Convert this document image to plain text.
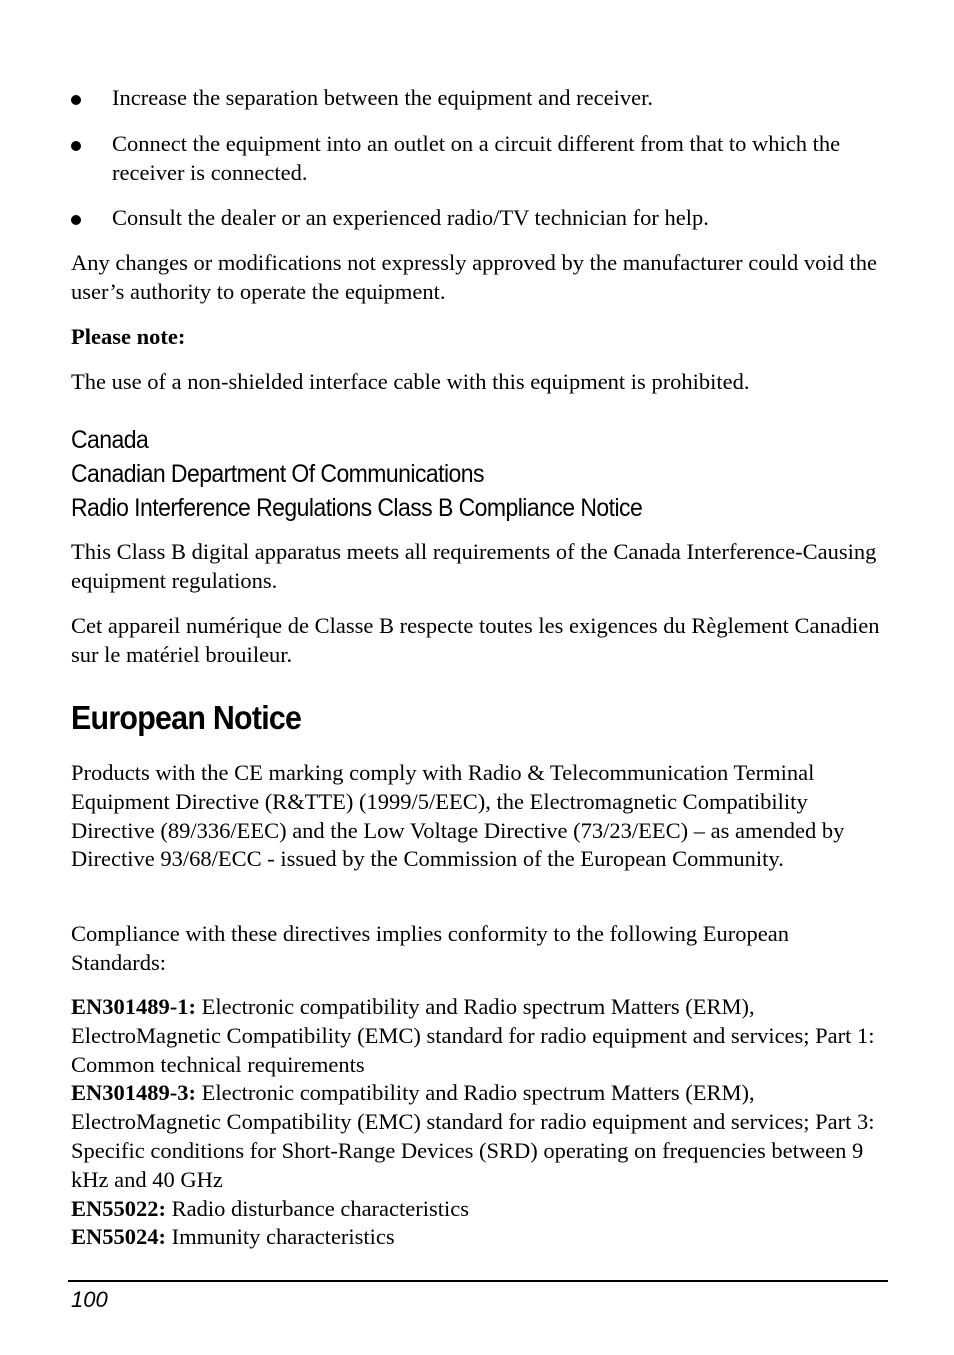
Increase the separation between the equipment and receiver.
Connect the equipment into an outlet on a circuit different from that to which the receiver is connected.
Consult the dealer or an experienced radio/TV technician for help.

Any changes or modifications not expressly approved by the manufacturer could void the user’s authority to operate the equipment.

Please note:

The use of a non-shielded interface cable with this equipment is prohibited.

Canada

Canadian Department Of Communications

Radio Interference Regulations Class B Compliance Notice

This Class B digital apparatus meets all requirements of the Canada Interference-Causing equipment regulations.

Cet appareil numérique de Classe B respecte toutes les exigences du Règlement Canadien sur le matériel brouileur.

European Notice

Products with the CE marking comply with Radio & Telecommunication Terminal Equipment Directive (R&TTE) (1999/5/EEC), the Electromagnetic Compatibility Directive (89/336/EEC) and the Low Voltage Directive (73/23/EEC) – as amended by Directive 93/68/ECC - issued by the Commission of the European Community.

Compliance with these directives implies conformity to the following European Standards:

EN301489-1: Electronic compatibility and Radio spectrum Matters (ERM), ElectroMagnetic Compatibility (EMC) standard for radio equipment and services; Part 1: Common technical requirements
EN301489-3: Electronic compatibility and Radio spectrum Matters (ERM), ElectroMagnetic Compatibility (EMC) standard for radio equipment and services; Part 3: Specific conditions for Short-Range Devices (SRD) operating on frequencies between 9 kHz and 40 GHz
EN55022: Radio disturbance characteristics
EN55024: Immunity characteristics
100
